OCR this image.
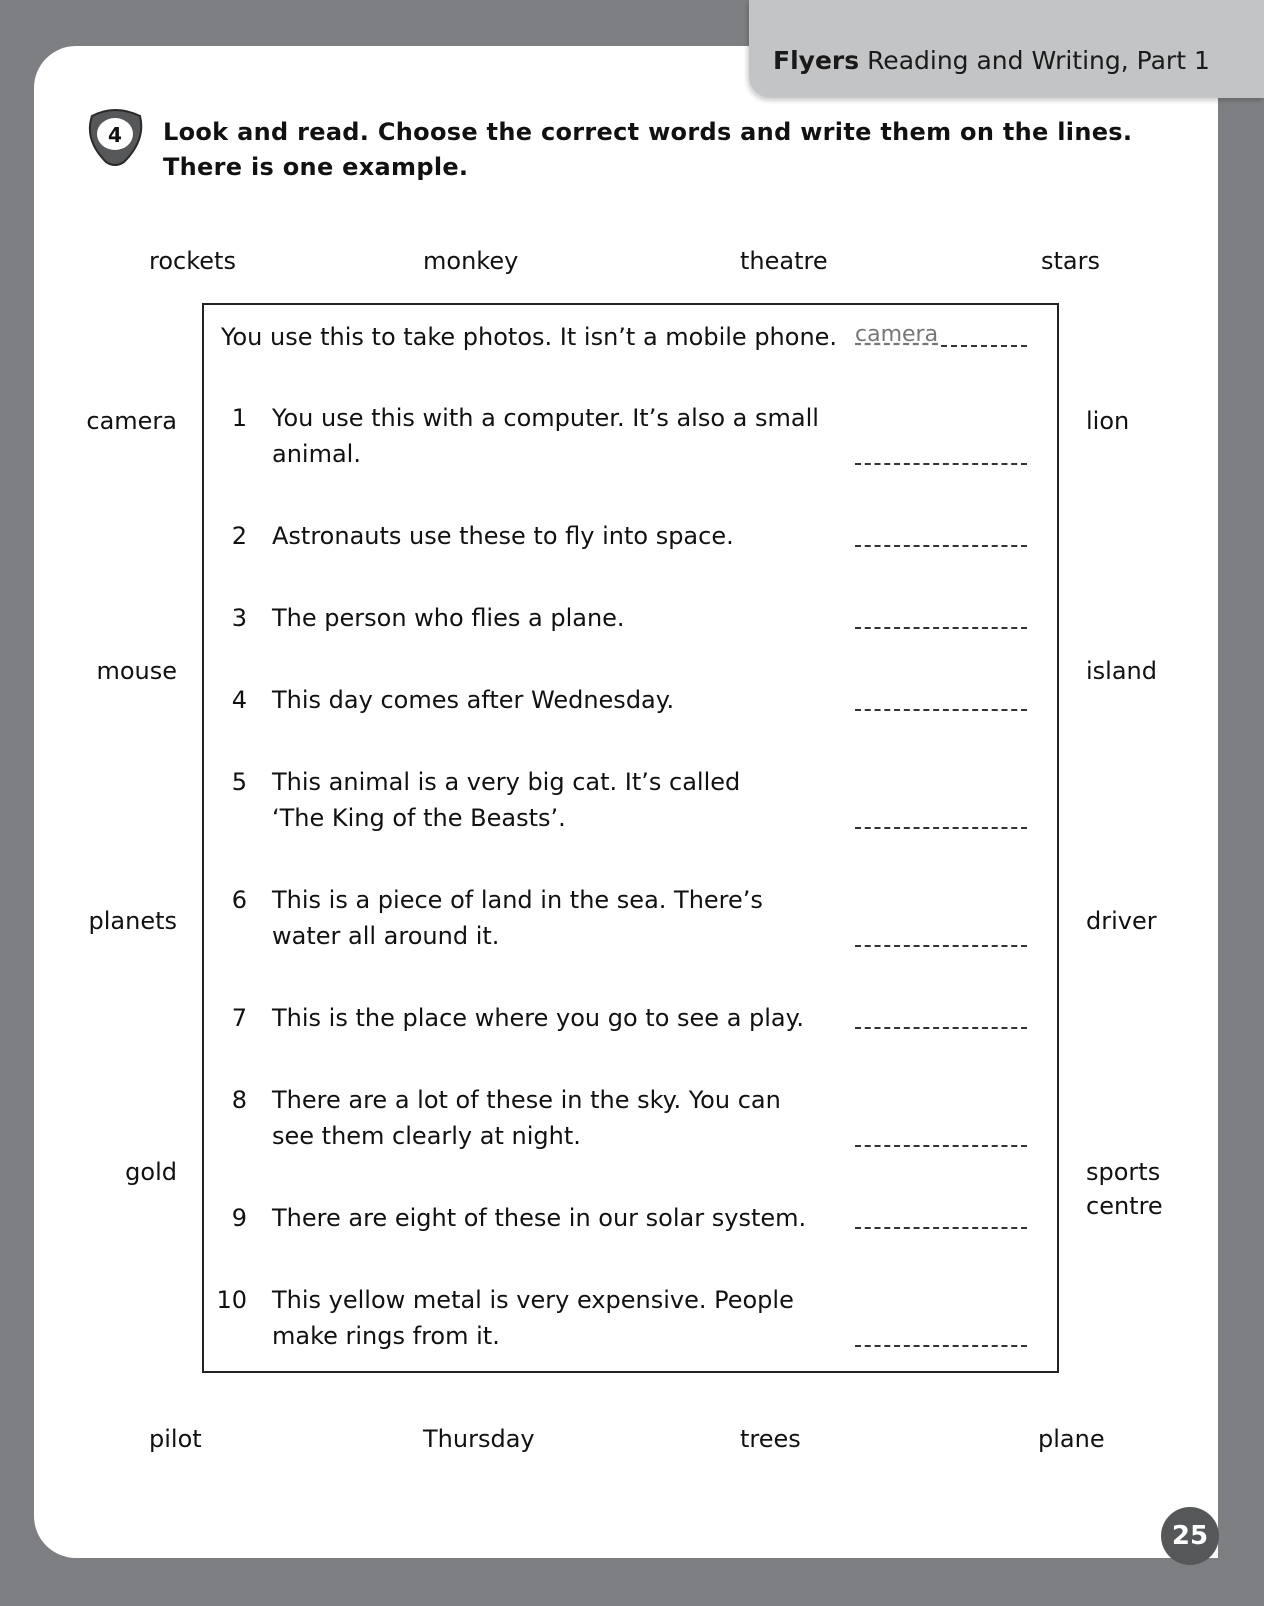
Flyers Reading and Writing, Part 1
4 Look and read. Choose the correct words and write them on the lines.
There is one example.
rockets	monkey	theatre	stars
camera
mouse
planets
gold
lion
island
driver
sports
centre
pilot	Thursday	trees	plane
You use this to take photos. It isn’t a mobile phone. camera
1 You use this with a computer. It’s also a small
animal.
2 Astronauts use these to fly into space.
3 The person who flies a plane.
4 This day comes after Wednesday.
5 This animal is a very big cat. It’s called
‘The King of the Beasts’.
6 This is a piece of land in the sea. There’s
water all around it.
7 This is the place where you go to see a play.
8 There are a lot of these in the sky. You can
see them clearly at night.
9 There are eight of these in our solar system.
10 This yellow metal is very expensive. People
make rings from it.
25
